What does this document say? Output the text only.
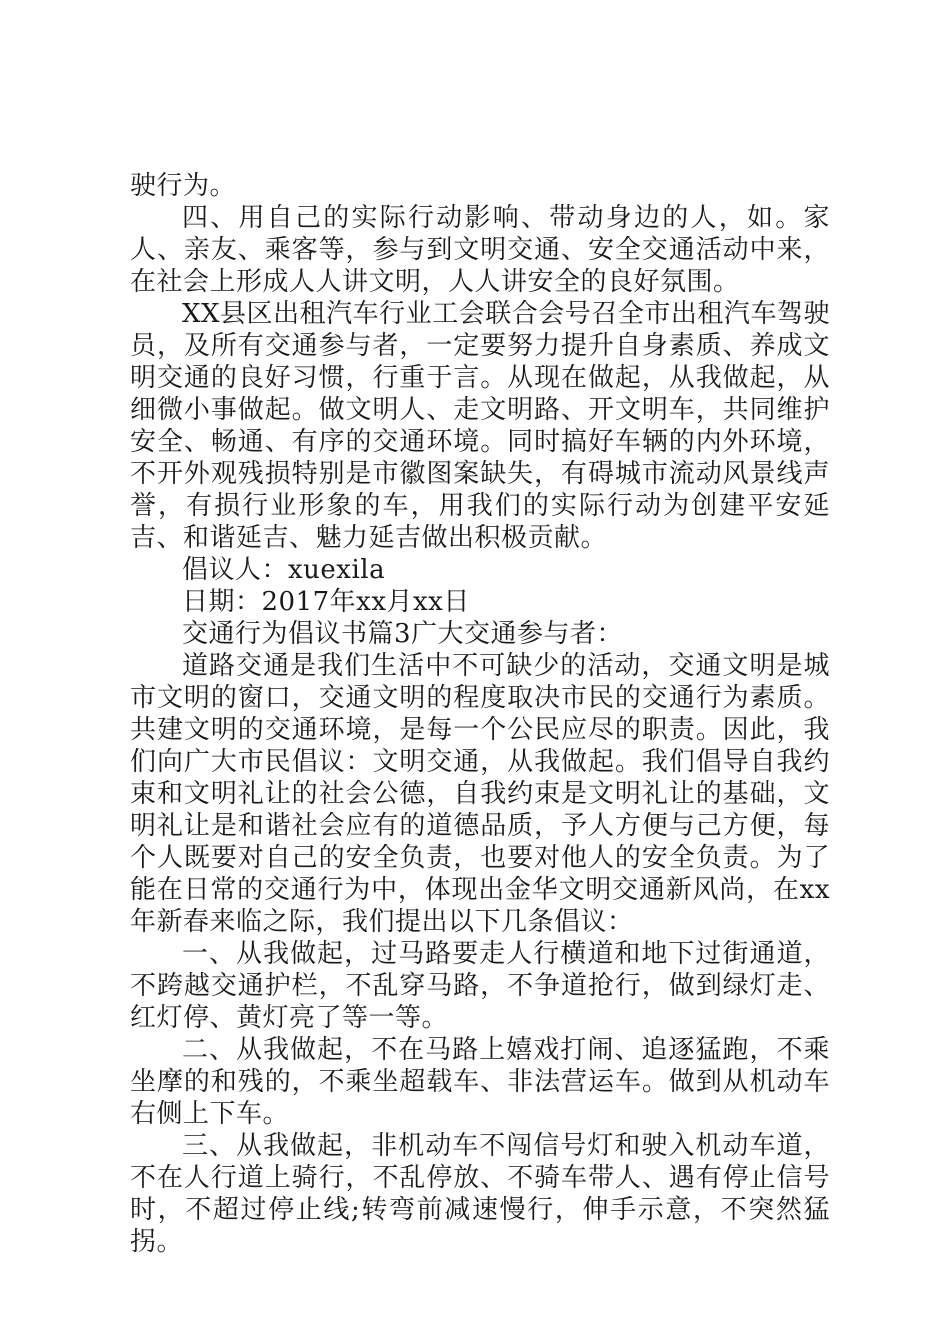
驶行为。

四、用自己的实际行动影响、带动身边的人，如。家人、亲友、乘客等，参与到文明交通、安全交通活动中来，在社会上形成人人讲文明，人人讲安全的良好氛围。

XX县区出租汽车行业工会联合会号召全市出租汽车驾驶员，及所有交通参与者，一定要努力提升自身素质、养成文明交通的良好习惯，行重于言。从现在做起，从我做起，从细微小事做起。做文明人、走文明路、开文明车，共同维护安全、畅通、有序的交通环境。同时搞好车辆的内外环境，不开外观残损特别是市徽图案缺失，有碍城市流动风景线声誉，有损行业形象的车，用我们的实际行动为创建平安延吉、和谐延吉、魅力延吉做出积极贡献。

倡议人：xuexila

日期：2017年xx月xx日

交通行为倡议书篇3广大交通参与者：

道路交通是我们生活中不可缺少的活动，交通文明是城市文明的窗口，交通文明的程度取决市民的交通行为素质。共建文明的交通环境，是每一个公民应尽的职责。因此，我们向广大市民倡议：文明交通，从我做起。我们倡导自我约束和文明礼让的社会公德，自我约束是文明礼让的基础，文明礼让是和谐社会应有的道德品质，予人方便与己方便，每个人既要对自己的安全负责，也要对他人的安全负责。为了能在日常的交通行为中，体现出金华文明交通新风尚，在xx年新春来临之际，我们提出以下几条倡议：

一、从我做起，过马路要走人行横道和地下过街通道，不跨越交通护栏，不乱穿马路，不争道抢行，做到绿灯走、红灯停、黄灯亮了等一等。

二、从我做起，不在马路上嬉戏打闹、追逐猛跑，不乘坐摩的和残的，不乘坐超载车、非法营运车。做到从机动车右侧上下车。

三、从我做起，非机动车不闯信号灯和驶入机动车道，不在人行道上骑行，不乱停放、不骑车带人、遇有停止信号时，不超过停止线;转弯前减速慢行，伸手示意，不突然猛拐。
